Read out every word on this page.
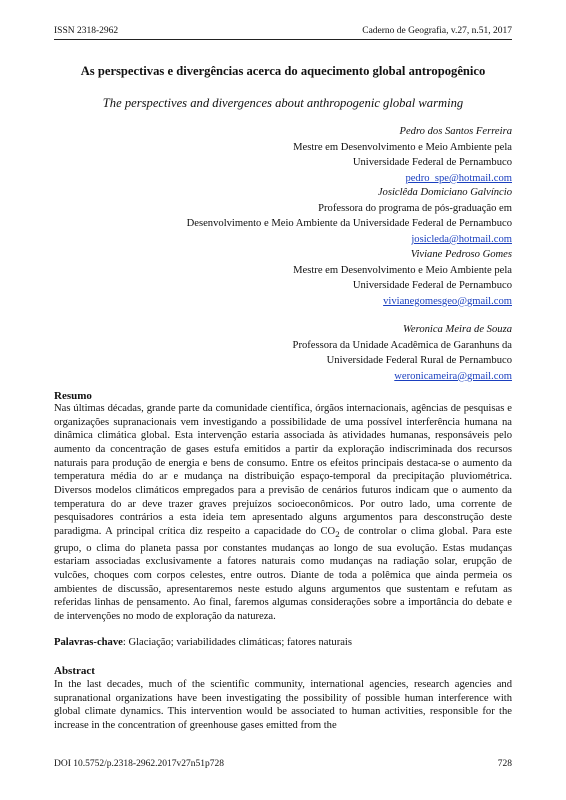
ISSN 2318-2962	Caderno de Geografia, v.27, n.51, 2017
As perspectivas e divergências acerca do aquecimento global antropogênico
The perspectives and divergences about anthropogenic global warming
Pedro dos Santos Ferreira
Mestre em Desenvolvimento e Meio Ambiente pela
Universidade Federal de Pernambuco
pedro_spe@hotmail.com
Josiclêda Domiciano Galvíncio
Professora do programa de pós-graduação em
Desenvolvimento e Meio Ambiente da Universidade Federal de Pernambuco
josicleda@hotmail.com
Viviane Pedroso Gomes
Mestre em Desenvolvimento e Meio Ambiente pela
Universidade Federal de Pernambuco
vivianegomesgeo@gmail.com
Weronica Meira de Souza
Professora da Unidade Acadêmica de Garanhuns da
Universidade Federal Rural de Pernambuco
weronicameira@gmail.com
Resumo
Nas últimas décadas, grande parte da comunidade científica, órgãos internacionais, agências de pesquisas e organizações supranacionais vem investigando a possibilidade de uma possível interferência humana na dinâmica climática global. Esta intervenção estaria associada às atividades humanas, responsáveis pelo aumento da concentração de gases estufa emitidos a partir da exploração indiscriminada dos recursos naturais para produção de energia e bens de consumo. Entre os efeitos principais destaca-se o aumento da temperatura média do ar e mudança na distribuição espaço-temporal da precipitação pluviométrica. Diversos modelos climáticos empregados para a previsão de cenários futuros indicam que o aumento da temperatura do ar deve trazer graves prejuízos socioeconômicos. Por outro lado, uma corrente de pesquisadores contrários a esta ideia tem apresentado alguns argumentos para desconstrução deste paradigma. A principal crítica diz respeito a capacidade do $CO_2$ de controlar o clima global. Para este grupo, o clima do planeta passa por constantes mudanças ao longo de sua evolução. Estas mudanças estariam associadas exclusivamente a fatores naturais como mudanças na radiação solar, erupção de vulcões, choques com corpos celestes, entre outros. Diante de toda a polêmica que ainda permeia os ambientes de discussão, apresentaremos neste estudo alguns argumentos que sustentam e refutam as referidas linhas de pensamento. Ao final, faremos algumas considerações sobre a importância do debate e de intervenções no modo de exploração da natureza.
Palavras-chave: Glaciação; variabilidades climáticas; fatores naturais
Abstract
In the last decades, much of the scientific community, international agencies, research agencies and supranational organizations have been investigating the possibility of possible human interference with global climate dynamics. This intervention would be associated to human activities, responsible for the increase in the concentration of greenhouse gases emitted from the
DOI 10.5752/p.2318-2962.2017v27n51p728	728
